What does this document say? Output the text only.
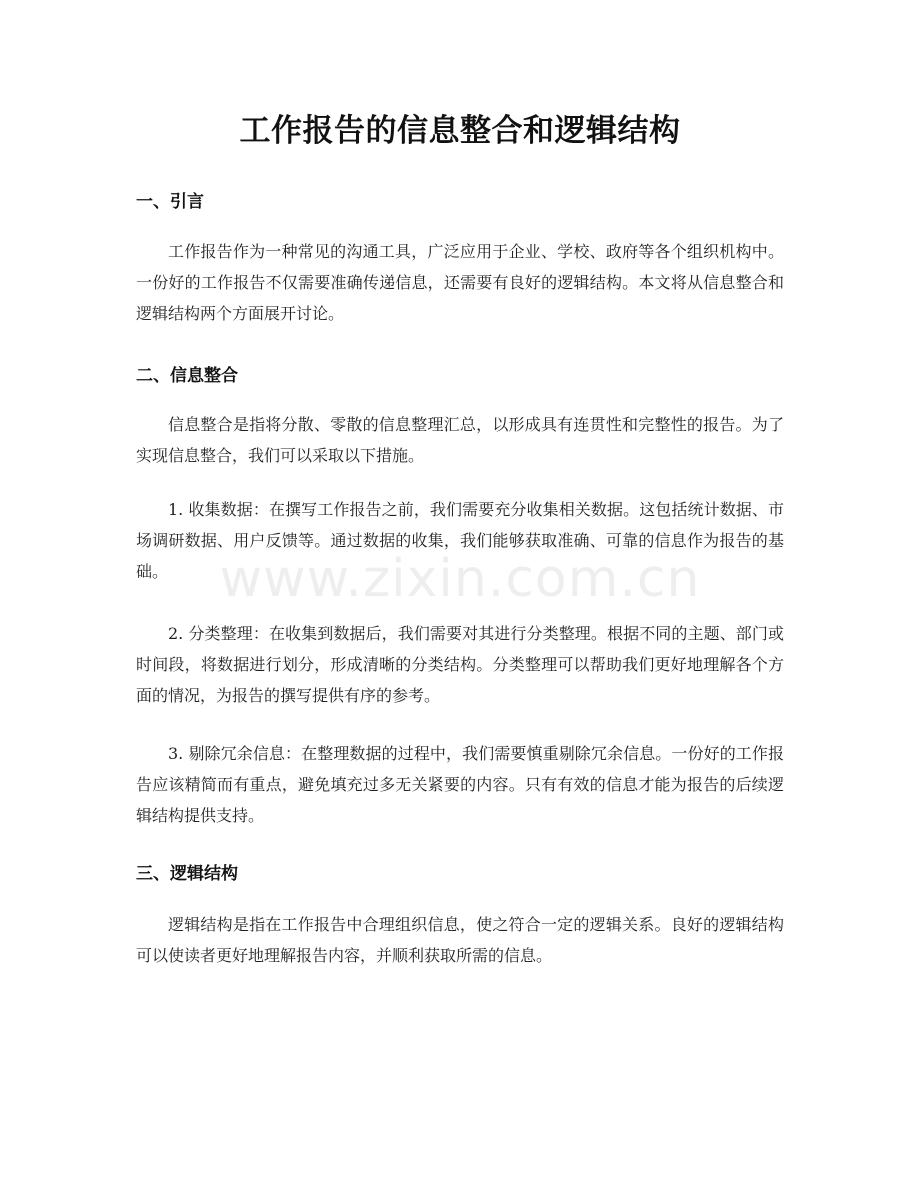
工作报告的信息整合和逻辑结构
一、引言
工作报告作为一种常见的沟通工具，广泛应用于企业、学校、政府等各个组织机构中。一份好的工作报告不仅需要准确传递信息，还需要有良好的逻辑结构。本文将从信息整合和逻辑结构两个方面展开讨论。
二、信息整合
信息整合是指将分散、零散的信息整理汇总，以形成具有连贯性和完整性的报告。为了实现信息整合，我们可以采取以下措施。
1. 收集数据：在撰写工作报告之前，我们需要充分收集相关数据。这包括统计数据、市场调研数据、用户反馈等。通过数据的收集，我们能够获取准确、可靠的信息作为报告的基础。
2. 分类整理：在收集到数据后，我们需要对其进行分类整理。根据不同的主题、部门或时间段，将数据进行划分，形成清晰的分类结构。分类整理可以帮助我们更好地理解各个方面的情况，为报告的撰写提供有序的参考。
3. 剔除冗余信息：在整理数据的过程中，我们需要慎重剔除冗余信息。一份好的工作报告应该精简而有重点，避免填充过多无关紧要的内容。只有有效的信息才能为报告的后续逻辑结构提供支持。
三、逻辑结构
逻辑结构是指在工作报告中合理组织信息，使之符合一定的逻辑关系。良好的逻辑结构可以使读者更好地理解报告内容，并顺利获取所需的信息。
www.zixin.com.cn
